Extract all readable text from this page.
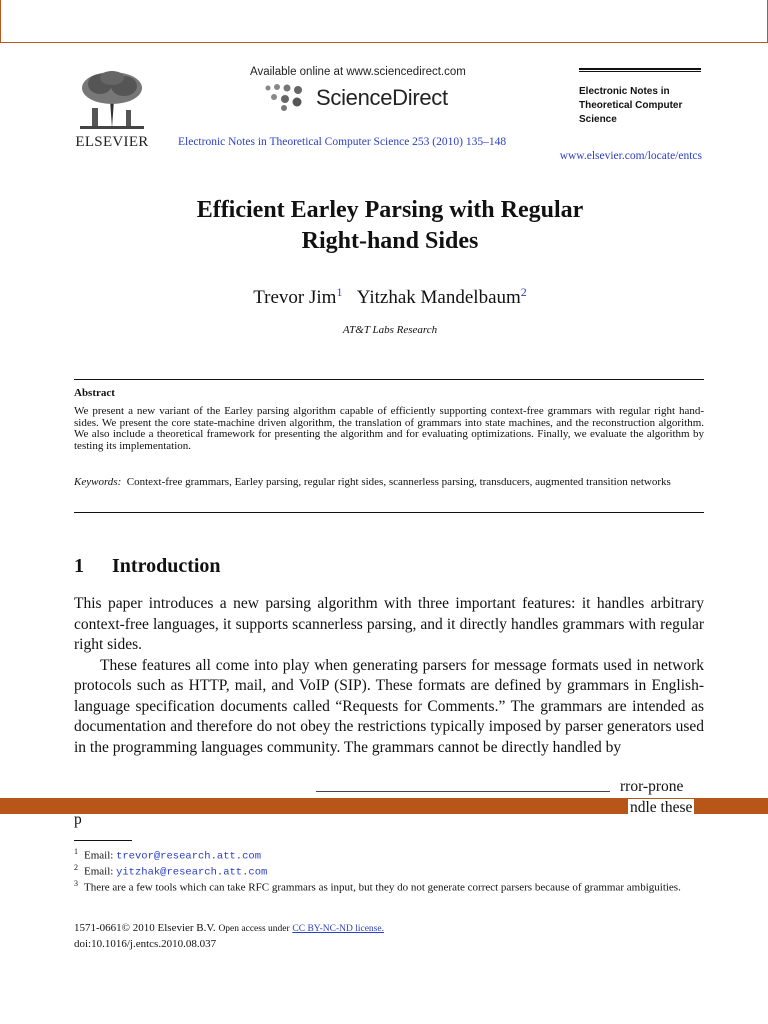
ELSEVIER
Available online at www.sciencedirect.com
ScienceDirect
Electronic Notes in Theoretical Computer Science 253 (2010) 135–148
www.elsevier.com/locate/entcs
Electronic Notes in
Theoretical Computer
Science
Efficient Earley Parsing with Regular
Right-hand Sides
Trevor Jim$^1$ Yitzhak Mandelbaum$^2$
AT&T Labs Research
Abstract
We present a new variant of the Earley parsing algorithm capable of efficiently supporting context-free grammars with regular right hand-sides. We present the core state-machine driven algorithm, the translation of grammars into state machines, and the reconstruction algorithm. We also include a theoretical framework for presenting the algorithm and for evaluating optimizations. Finally, we evaluate the algorithm by testing its implementation.
Keywords: Context-free grammars, Earley parsing, regular right sides, scannerless parsing, transducers, augmented transition networks
1 Introduction

This paper introduces a new parsing algorithm with three important features: it handles arbitrary context-free languages, it supports scannerless parsing, and it directly handles grammars with regular right sides.

These features all come into play when generating parsers for message formats used in network protocols such as HTTP, mail, and VoIP (SIP). These formats are defined by grammars in English-language specification documents called “Requests for Comments.” The grammars are intended as documentation and therefore do not obey the restrictions typically imposed by parser generators used in the programming languages community. The grammars cannot be directly handled by

rror-prone
ndle these
p
$^1$ Email: trevor@research.att.com
$^2$ Email: yitzhak@research.att.com
$^3$ There are a few tools which can take RFC grammars as input, but they do not generate correct parsers because of grammar ambiguities.
1571-0661© 2010 Elsevier B.V. Open access under CC BY-NC-ND license.
doi:10.1016/j.entcs.2010.08.037
